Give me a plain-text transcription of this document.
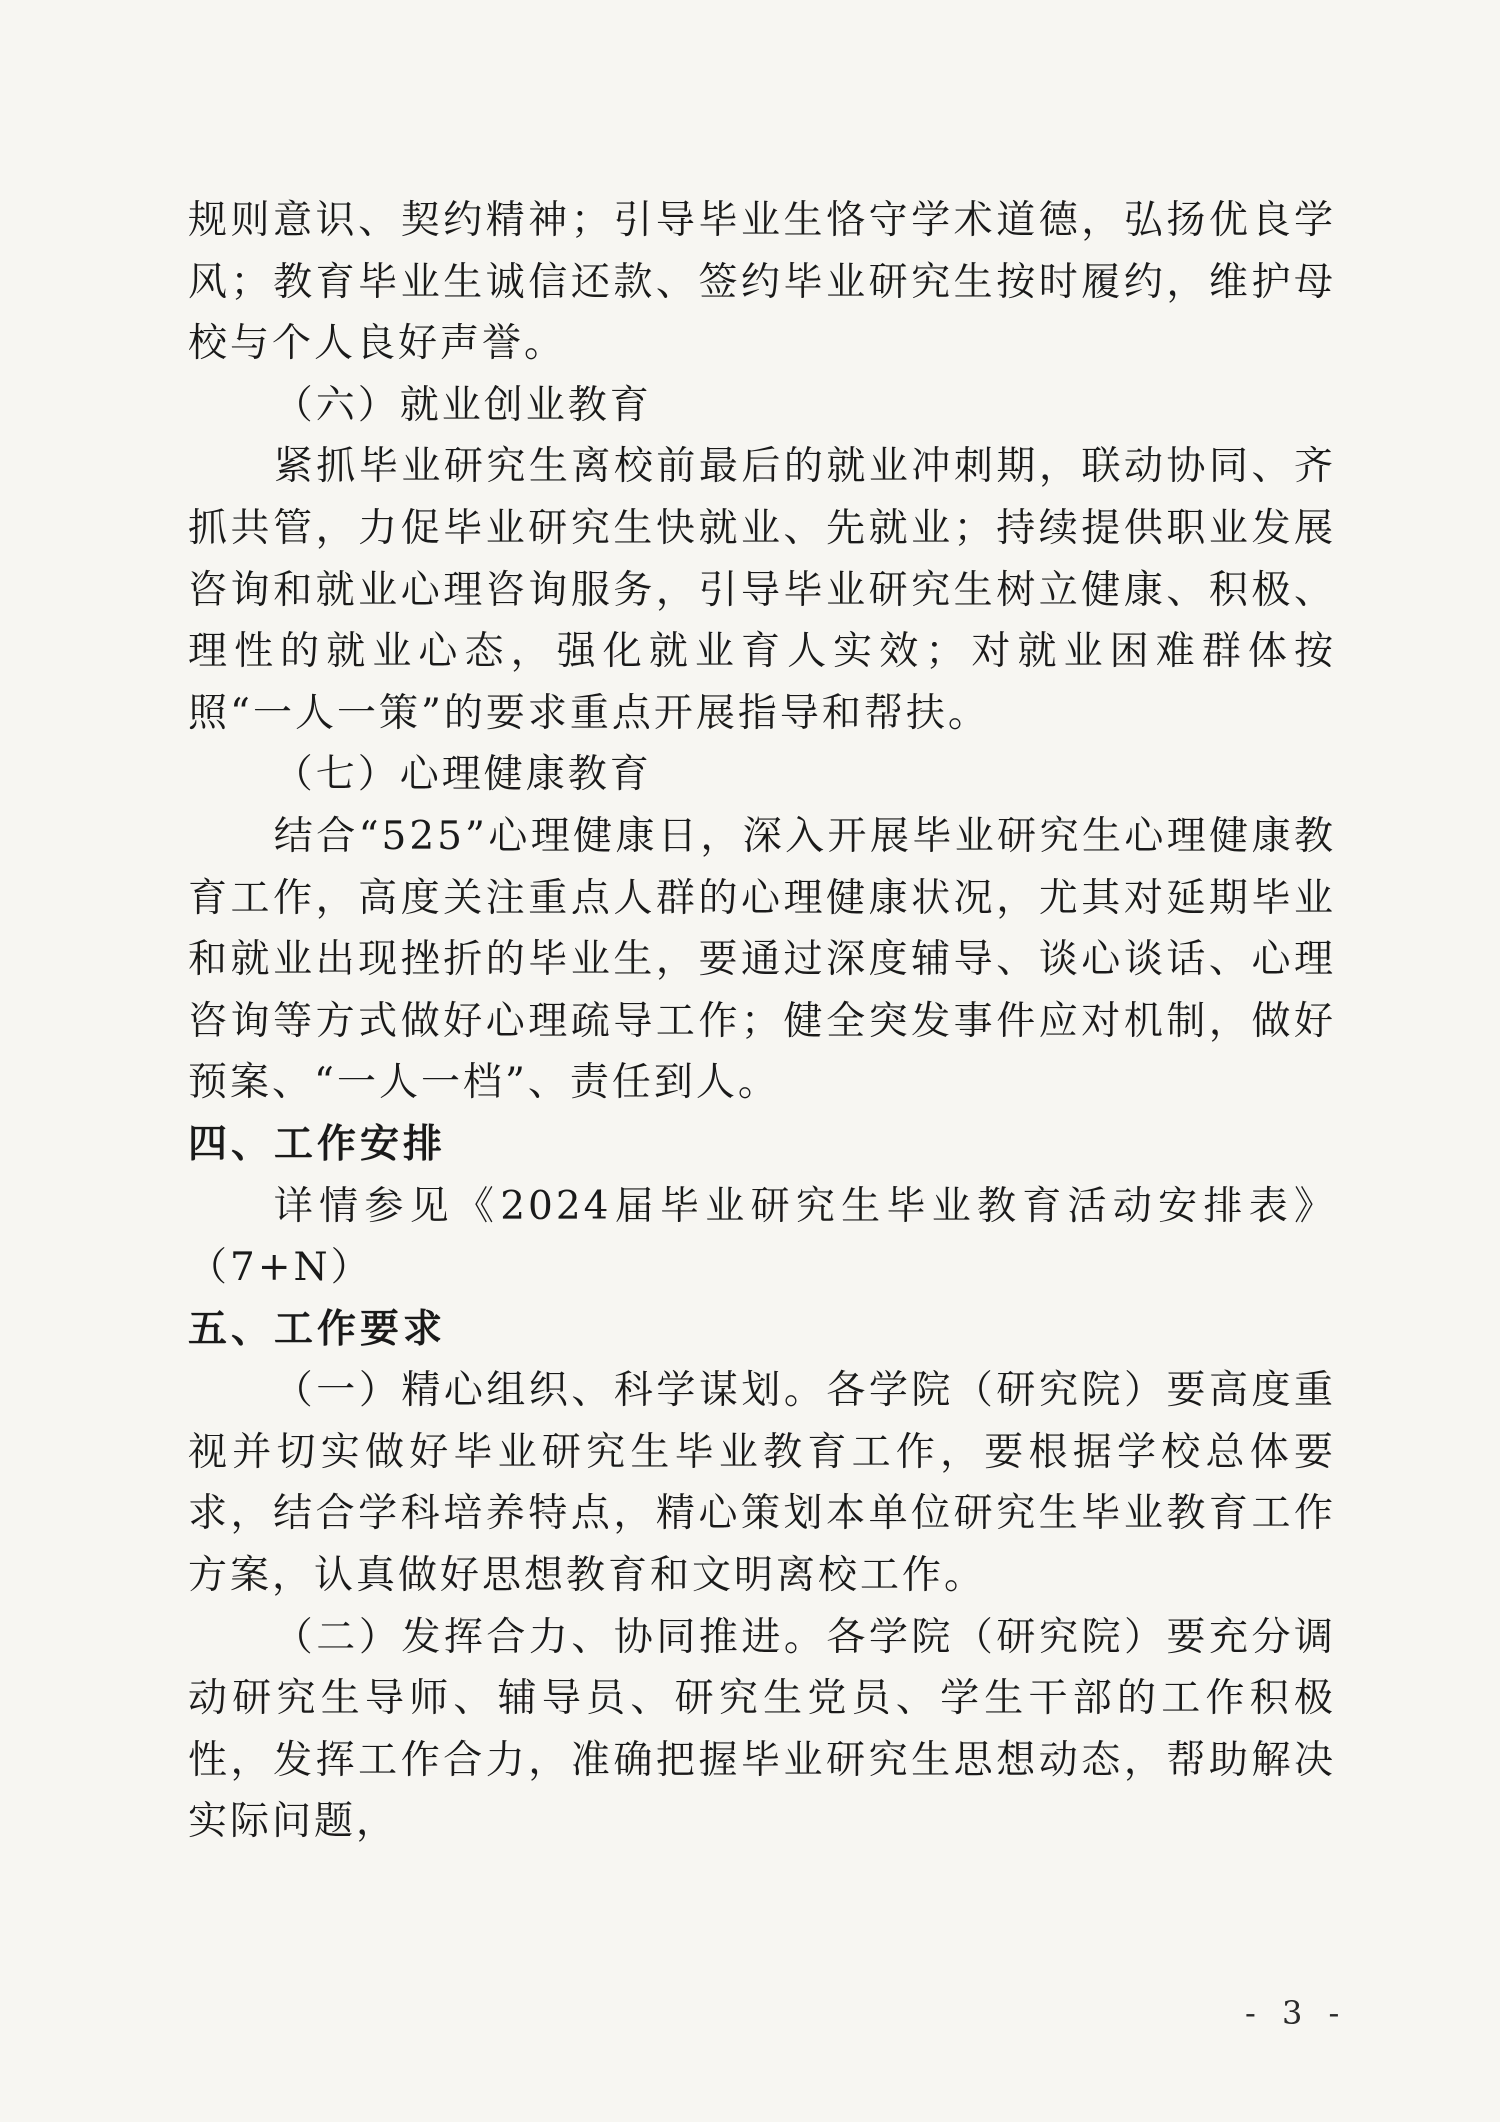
规则意识、契约精神；引导毕业生恪守学术道德，弘扬优良学风；教育毕业生诚信还款、签约毕业研究生按时履约，维护母校与个人良好声誉。

（六）就业创业教育

紧抓毕业研究生离校前最后的就业冲刺期，联动协同、齐抓共管，力促毕业研究生快就业、先就业；持续提供职业发展咨询和就业心理咨询服务，引导毕业研究生树立健康、积极、理性的就业心态，强化就业育人实效；对就业困难群体按照“一人一策”的要求重点开展指导和帮扶。

（七）心理健康教育

结合“525”心理健康日，深入开展毕业研究生心理健康教育工作，高度关注重点人群的心理健康状况，尤其对延期毕业和就业出现挫折的毕业生，要通过深度辅导、谈心谈话、心理咨询等方式做好心理疏导工作；健全突发事件应对机制，做好预案、“一人一档”、责任到人。

四、工作安排

详情参见《2024届毕业研究生毕业教育活动安排表》（7+N）

五、工作要求

（一）精心组织、科学谋划。各学院（研究院）要高度重视并切实做好毕业研究生毕业教育工作，要根据学校总体要求，结合学科培养特点，精心策划本单位研究生毕业教育工作方案，认真做好思想教育和文明离校工作。

（二）发挥合力、协同推进。各学院（研究院）要充分调动研究生导师、辅导员、研究生党员、学生干部的工作积极性，发挥工作合力，准确把握毕业研究生思想动态，帮助解决实际问题，

- 3 -
